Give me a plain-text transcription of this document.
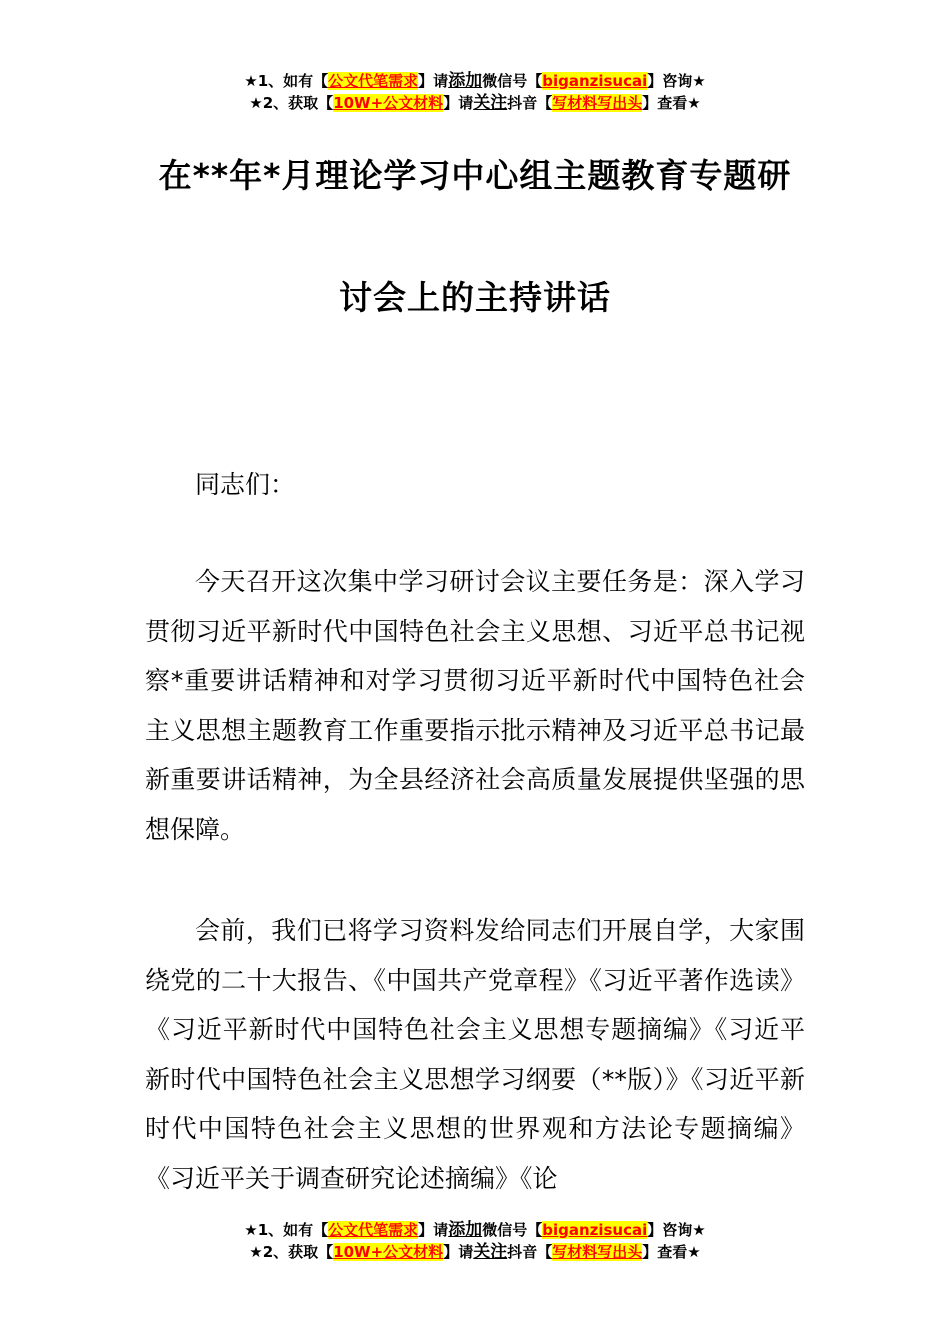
★1、如有【公文代笔需求】请添加微信号【biganzisucai】咨询★
★2、获取【10W+公文材料】请关注抖音【写材料写出头】查看★
在**年*月理论学习中心组主题教育专题研
讨会上的主持讲话

同志们：

今天召开这次集中学习研讨会议主要任务是：深入学习贯彻习近平新时代中国特色社会主义思想、习近平总书记视察*重要讲话精神和对学习贯彻习近平新时代中国特色社会主义思想主题教育工作重要指示批示精神及习近平总书记最新重要讲话精神，为全县经济社会高质量发展提供坚强的思想保障。

会前，我们已将学习资料发给同志们开展自学，大家围绕党的二十大报告、《中国共产党章程》《习近平著作选读》《习近平新时代中国特色社会主义思想专题摘编》《习近平新时代中国特色社会主义思想学习纲要（**版）》《习近平新时代中国特色社会主义思想的世界观和方法论专题摘编》《习近平关于调查研究论述摘编》《论

★1、如有【公文代笔需求】请添加微信号【biganzisucai】咨询★
★2、获取【10W+公文材料】请关注抖音【写材料写出头】查看★
